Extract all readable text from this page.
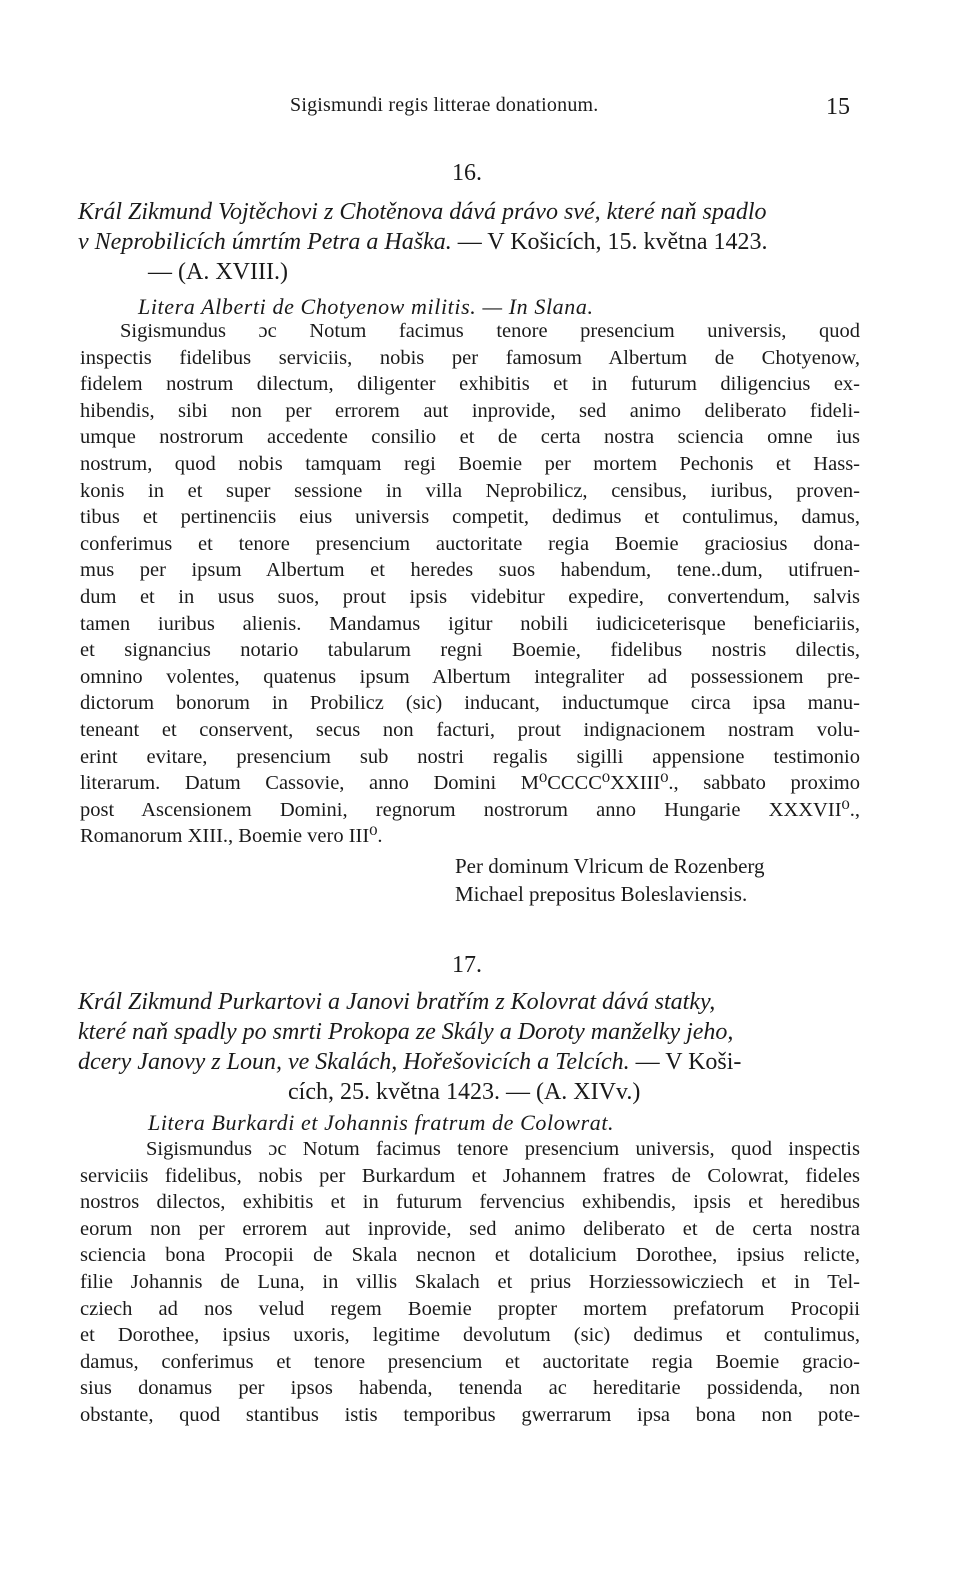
Sigismundi regis litterae donationum.	15
16.
Král Zikmund Vojtěchovi z Chotěnova dává právo své, které naň spadlo
v Neprobilicích úmrtím Petra a Haška. — V Košicích, 15. května 1423.
— (A. XVIII.)
Litera Alberti de Chotyenow militis. — In Slana.
Sigismundus ɔc Notum facimus tenore presencium universis, quod
inspectis fidelibus serviciis, nobis per famosum Albertum de Chotyenow,
fidelem nostrum dilectum, diligenter exhibitis et in futurum diligencius ex-
hibendis, sibi non per errorem aut inprovide, sed animo deliberato fideli-
umque nostrorum accedente consilio et de certa nostra sciencia omne ius
nostrum, quod nobis tamquam regi Boemie per mortem Pechonis et Hass-
konis in et super sessione in villa Neprobilicz, censibus, iuribus, proven-
tibus et pertinenciis eius universis competit, dedimus et contulimus, damus,
conferimus et tenore presencium auctoritate regia Boemie graciosius dona-
mus per ipsum Albertum et heredes suos habendum, tene..dum, utifruen-
dum et in usus suos, prout ipsis videbitur expedire, convertendum, salvis
tamen iuribus alienis. Mandamus igitur nobili iudiciceterisque beneficiariis,
et signancius notario tabularum regni Boemie, fidelibus nostris dilectis,
omnino volentes, quatenus ipsum Albertum integraliter ad possessionem pre-
dictorum bonorum in Probilicz (sic) inducant, inductumque circa ipsa manu-
teneant et conservent, secus non facturi, prout indignacionem nostram volu-
erint evitare, presencium sub nostri regalis sigilli appensione testimonio
literarum. Datum Cassovie, anno Domini M⁰CCCC⁰XXIII⁰., sabbato proximo
post Ascensionem Domini, regnorum nostrorum anno Hungarie XXXVII⁰.,
Romanorum XIII., Boemie vero III⁰.
Per dominum Vlricum de Rozenberg
Michael prepositus Boleslaviensis.
17.
Král Zikmund Purkartovi a Janovi bratřím z Kolovrat dává statky,
které naň spadly po smrti Prokopa ze Skály a Doroty manželky jeho,
dcery Janovy z Loun, ve Skalách, Hořešovicích a Telcích. — V Koši-
cích, 25. května 1423. — (A. XIVv.)
Litera Burkardi et Johannis fratrum de Colowrat.
Sigismundus ɔc Notum facimus tenore presencium universis, quod inspectis
serviciis fidelibus, nobis per Burkardum et Johannem fratres de Colowrat, fideles
nostros dilectos, exhibitis et in futurum fervencius exhibendis, ipsis et heredibus
eorum non per errorem aut inprovide, sed animo deliberato et de certa nostra
sciencia bona Procopii de Skala necnon et dotalicium Dorothee, ipsius relicte,
filie Johannis de Luna, in villis Skalach et prius Horziessowicziech et in Tel-
cziech ad nos velud regem Boemie propter mortem prefatorum Procopii
et Dorothee, ipsius uxoris, legitime devolutum (sic) dedimus et contulimus,
damus, conferimus et tenore presencium et auctoritate regia Boemie gracio-
sius donamus per ipsos habenda, tenenda ac hereditarie possidenda, non
obstante, quod stantibus istis temporibus gwerrarum ipsa bona non pote-
